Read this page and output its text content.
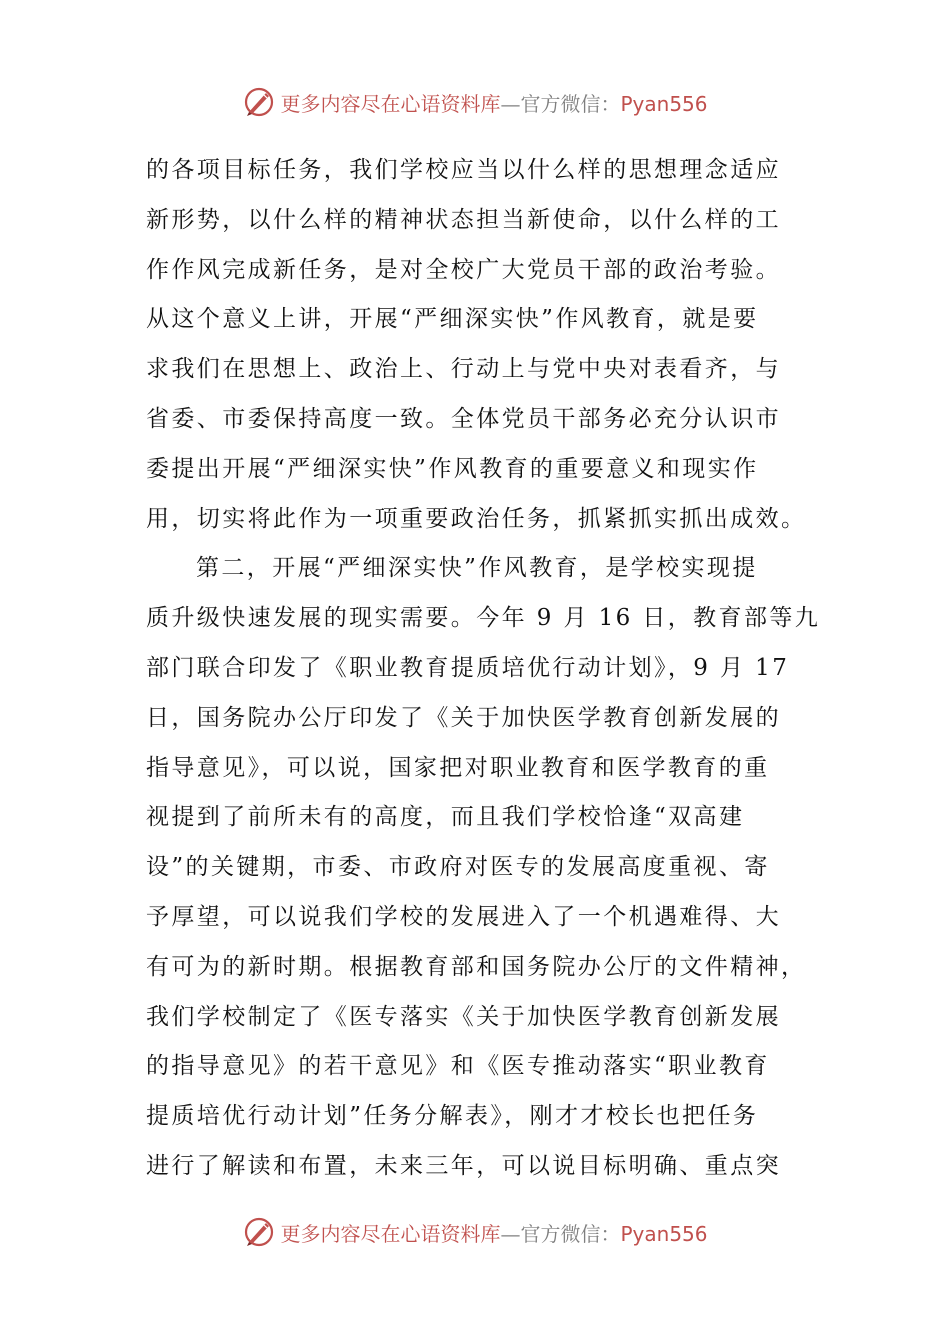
更多内容尽在心语资料库—官方微信：Pyan556
的各项目标任务，我们学校应当以什么样的思想理念适应
新形势，以什么样的精神状态担当新使命，以什么样的工
作作风完成新任务，是对全校广大党员干部的政治考验。
从这个意义上讲，开展“严细深实快”作风教育，就是要
求我们在思想上、政治上、行动上与党中央对表看齐，与
省委、市委保持高度一致。全体党员干部务必充分认识市
委提出开展“严细深实快”作风教育的重要意义和现实作
用，切实将此作为一项重要政治任务，抓紧抓实抓出成效。
第二，开展“严细深实快”作风教育，是学校实现提
质升级快速发展的现实需要。今年 9 月 16 日，教育部等九
部门联合印发了《职业教育提质培优行动计划》，9 月 17
日，国务院办公厅印发了《关于加快医学教育创新发展的
指导意见》，可以说，国家把对职业教育和医学教育的重
视提到了前所未有的高度，而且我们学校恰逢“双高建
设”的关键期，市委、市政府对医专的发展高度重视、寄
予厚望，可以说我们学校的发展进入了一个机遇难得、大
有可为的新时期。根据教育部和国务院办公厅的文件精神，
我们学校制定了《医专落实《关于加快医学教育创新发展
的指导意见》的若干意见》和《医专推动落实“职业教育
提质培优行动计划”任务分解表》，刚才才校长也把任务
进行了解读和布置，未来三年，可以说目标明确、重点突
更多内容尽在心语资料库—官方微信：Pyan556
